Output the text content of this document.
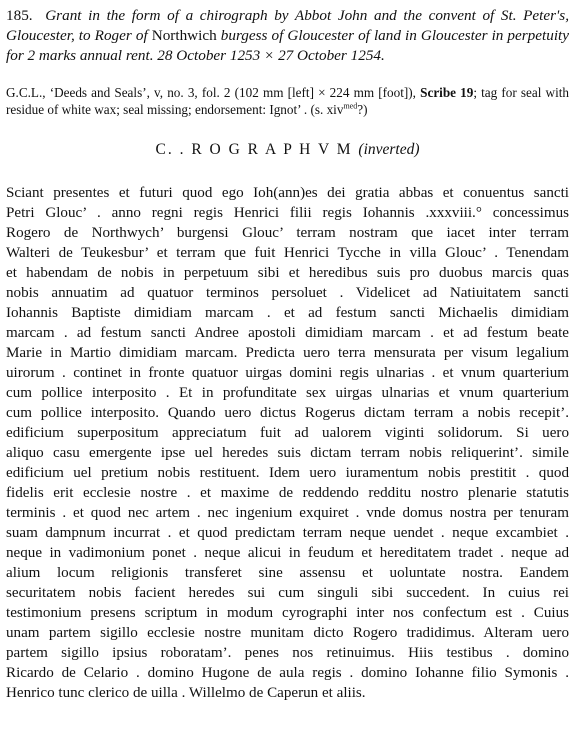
185. Grant in the form of a chirograph by Abbot John and the convent of St. Peter's, Gloucester, to Roger of Northwich burgess of Gloucester of land in Gloucester in perpetuity for 2 marks annual rent. 28 October 1253 × 27 October 1254.

G.C.L., ‘Deeds and Seals’, v, no. 3, fol. 2 (102 mm [left] × 224 mm [foot]), Scribe 19; tag for seal with residue of white wax; seal missing; endorsement: Ignot’ . (s. xiv$^{med}$?)

C. . R O G R A P H V M (inverted)

Sciant presentes et futuri quod ego Ioh(ann)es dei gratia abbas et conuentus sancti
Petri Glouc’ . anno regni regis Henrici filii regis Iohannis .xxxviii.° concessimus
Rogero de Northwych’ burgensi Glouc’ terram nostram que iacet inter terram
Walteri de Teukesbur’ et terram que fuit Henrici Tycche in villa Glouc’ . Tenendam
et habendam de nobis in perpetuum sibi et heredibus suis pro duobus marcis quas
nobis annuatim ad quatuor terminos persoluet . Videlicet ad Natiuitatem sancti
Iohannis Baptiste dimidiam marcam . et ad festum sancti Michaelis dimidiam
marcam . ad festum sancti Andree apostoli dimidiam marcam . et ad festum beate
Marie in Martio dimidiam marcam. Predicta uero terra mensurata per visum legalium
uirorum . continet in fronte quatuor uirgas domini regis ulnarias . et vnum quarterium
cum pollice interposito . Et in profunditate sex uirgas ulnarias et vnum quarterium
cum pollice interposito. Quando uero dictus Rogerus dictam terram a nobis recepit’.
edificium superpositum appreciatum fuit ad ualorem viginti solidorum. Si uero
aliquo casu emergente ipse uel heredes suis dictam terram nobis reliquerint’. simile
edificium uel pretium nobis restituent. Idem uero iuramentum nobis prestitit . quod
fidelis erit ecclesie nostre . et maxime de reddendo redditu nostro plenarie statutis
terminis . et quod nec artem . nec ingenium exquiret . vnde domus nostra per tenuram
suam dampnum incurrat . et quod predictam terram neque uendet . neque excambiet .
neque in vadimonium ponet . neque alicui in feudum et hereditatem tradet . neque ad
alium locum religionis transferet sine assensu et uoluntate nostra. Eandem
securitatem nobis facient heredes sui cum singuli sibi succedent. In cuius rei
testimonium presens scriptum in modum cyrographi inter nos confectum est . Cuius
unam partem sigillo ecclesie nostre munitam dicto Rogero tradidimus. Alteram uero
partem sigillo ipsius roboratam’. penes nos retinuimus. Hiis testibus . domino
Ricardo de Celario . domino Hugone de aula regis . domino Iohanne filio Symonis .
Henrico tunc clerico de uilla . Willelmo de Caperun et aliis.
